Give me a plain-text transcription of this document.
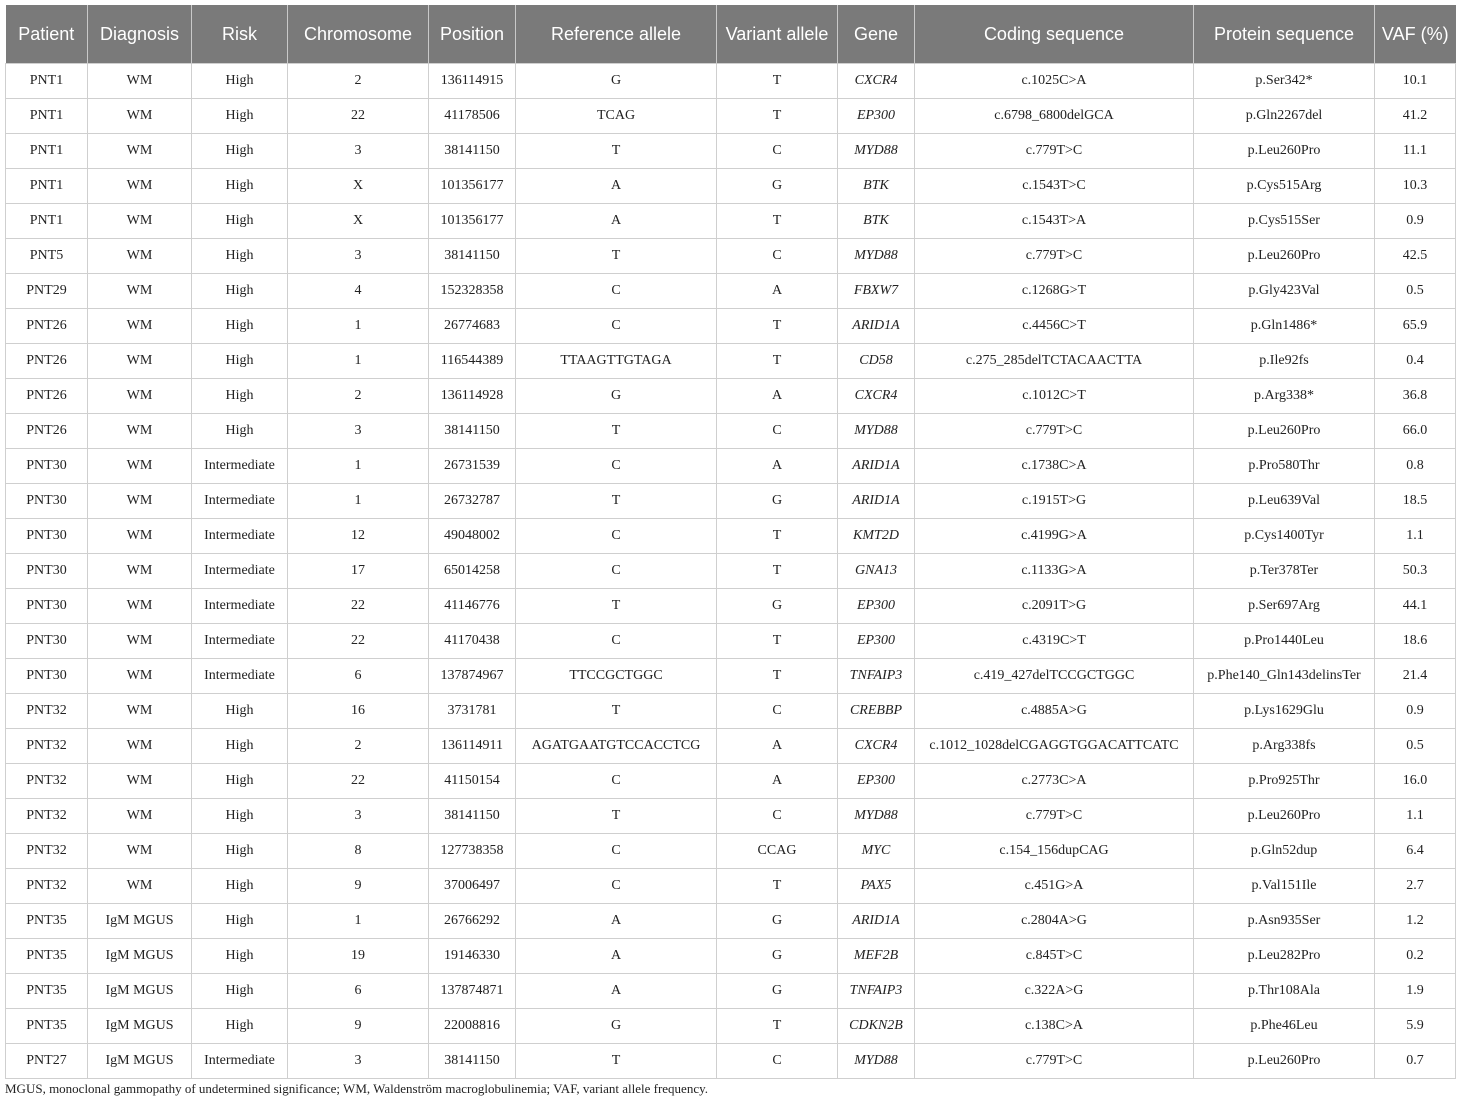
Patient	Diagnosis	Risk	Chromosome	Position	Reference allele	Variant allele	Gene	Coding sequence	Protein sequence	VAF (%)
PNT1	WM	High	2	136114915	G	T	CXCR4	c.1025C>A	p.Ser342*	10.1
PNT1	WM	High	22	41178506	TCAG	T	EP300	c.6798_6800delGCA	p.Gln2267del	41.2
PNT1	WM	High	3	38141150	T	C	MYD88	c.779T>C	p.Leu260Pro	11.1
PNT1	WM	High	X	101356177	A	G	BTK	c.1543T>C	p.Cys515Arg	10.3
PNT1	WM	High	X	101356177	A	T	BTK	c.1543T>A	p.Cys515Ser	0.9
PNT5	WM	High	3	38141150	T	C	MYD88	c.779T>C	p.Leu260Pro	42.5
PNT29	WM	High	4	152328358	C	A	FBXW7	c.1268G>T	p.Gly423Val	0.5
PNT26	WM	High	1	26774683	C	T	ARID1A	c.4456C>T	p.Gln1486*	65.9
PNT26	WM	High	1	116544389	TTAAGTTGTAGA	T	CD58	c.275_285delTCTACAACTTA	p.Ile92fs	0.4
PNT26	WM	High	2	136114928	G	A	CXCR4	c.1012C>T	p.Arg338*	36.8
PNT26	WM	High	3	38141150	T	C	MYD88	c.779T>C	p.Leu260Pro	66.0
PNT30	WM	Intermediate	1	26731539	C	A	ARID1A	c.1738C>A	p.Pro580Thr	0.8
PNT30	WM	Intermediate	1	26732787	T	G	ARID1A	c.1915T>G	p.Leu639Val	18.5
PNT30	WM	Intermediate	12	49048002	C	T	KMT2D	c.4199G>A	p.Cys1400Tyr	1.1
PNT30	WM	Intermediate	17	65014258	C	T	GNA13	c.1133G>A	p.Ter378Ter	50.3
PNT30	WM	Intermediate	22	41146776	T	G	EP300	c.2091T>G	p.Ser697Arg	44.1
PNT30	WM	Intermediate	22	41170438	C	T	EP300	c.4319C>T	p.Pro1440Leu	18.6
PNT30	WM	Intermediate	6	137874967	TTCCGCTGGC	T	TNFAIP3	c.419_427delTCCGCTGGC	p.Phe140_Gln143delinsTer	21.4
PNT32	WM	High	16	3731781	T	C	CREBBP	c.4885A>G	p.Lys1629Glu	0.9
PNT32	WM	High	2	136114911	AGATGAATGTCCACCTCG	A	CXCR4	c.1012_1028delCGAGGTGGACATTCATC	p.Arg338fs	0.5
PNT32	WM	High	22	41150154	C	A	EP300	c.2773C>A	p.Pro925Thr	16.0
PNT32	WM	High	3	38141150	T	C	MYD88	c.779T>C	p.Leu260Pro	1.1
PNT32	WM	High	8	127738358	C	CCAG	MYC	c.154_156dupCAG	p.Gln52dup	6.4
PNT32	WM	High	9	37006497	C	T	PAX5	c.451G>A	p.Val151Ile	2.7
PNT35	IgM MGUS	High	1	26766292	A	G	ARID1A	c.2804A>G	p.Asn935Ser	1.2
PNT35	IgM MGUS	High	19	19146330	A	G	MEF2B	c.845T>C	p.Leu282Pro	0.2
PNT35	IgM MGUS	High	6	137874871	A	G	TNFAIP3	c.322A>G	p.Thr108Ala	1.9
PNT35	IgM MGUS	High	9	22008816	G	T	CDKN2B	c.138C>A	p.Phe46Leu	5.9
PNT27	IgM MGUS	Intermediate	3	38141150	T	C	MYD88	c.779T>C	p.Leu260Pro	0.7
MGUS, monoclonal gammopathy of undetermined significance; WM, Waldenström macroglobulinemia; VAF, variant allele frequency.
